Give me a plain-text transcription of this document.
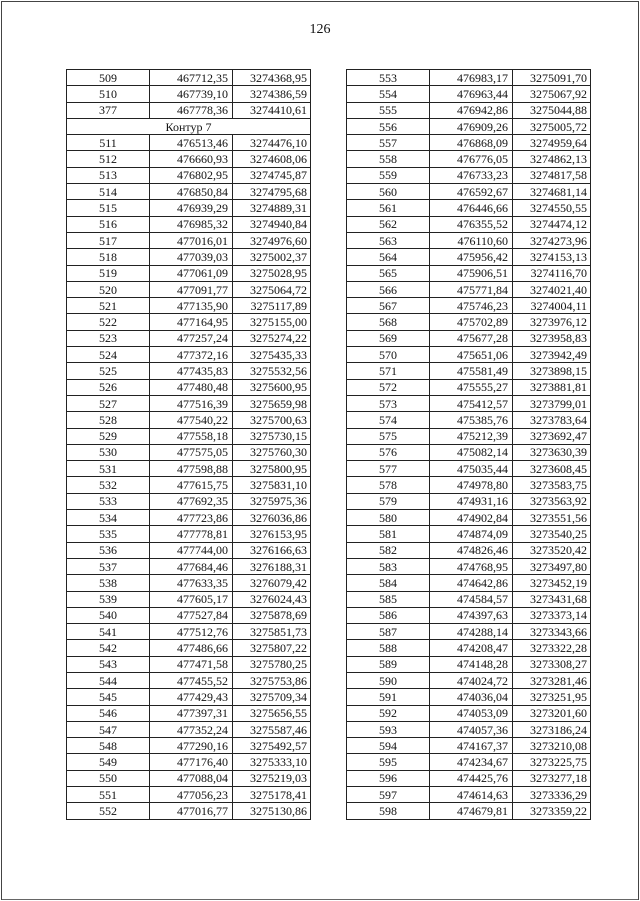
126
509	467712,35	3274368,95
510	467739,10	3274386,59
377	467778,36	3274410,61
Контур 7		
511	476513,46	3274476,10
512	476660,93	3274608,06
513	476802,95	3274745,87
514	476850,84	3274795,68
515	476939,29	3274889,31
516	476985,32	3274940,84
517	477016,01	3274976,60
518	477039,03	3275002,37
519	477061,09	3275028,95
520	477091,77	3275064,72
521	477135,90	3275117,89
522	477164,95	3275155,00
523	477257,24	3275274,22
524	477372,16	3275435,33
525	477435,83	3275532,56
526	477480,48	3275600,95
527	477516,39	3275659,98
528	477540,22	3275700,63
529	477558,18	3275730,15
530	477575,05	3275760,30
531	477598,88	3275800,95
532	477615,75	3275831,10
533	477692,35	3275975,36
534	477723,86	3276036,86
535	477778,81	3276153,95
536	477744,00	3276166,63
537	477684,46	3276188,31
538	477633,35	3276079,42
539	477605,17	3276024,43
540	477527,84	3275878,69
541	477512,76	3275851,73
542	477486,66	3275807,22
543	477471,58	3275780,25
544	477455,52	3275753,86
545	477429,43	3275709,34
546	477397,31	3275656,55
547	477352,24	3275587,46
548	477290,16	3275492,57
549	477176,40	3275333,10
550	477088,04	3275219,03
551	477056,23	3275178,41
552	477016,77	3275130,86
553	476983,17	3275091,70
554	476963,44	3275067,92
555	476942,86	3275044,88
556	476909,26	3275005,72
557	476868,09	3274959,64
558	476776,05	3274862,13
559	476733,23	3274817,58
560	476592,67	3274681,14
561	476446,66	3274550,55
562	476355,52	3274474,12
563	476110,60	3274273,96
564	475956,42	3274153,13
565	475906,51	3274116,70
566	475771,84	3274021,40
567	475746,23	3274004,11
568	475702,89	3273976,12
569	475677,28	3273958,83
570	475651,06	3273942,49
571	475581,49	3273898,15
572	475555,27	3273881,81
573	475412,57	3273799,01
574	475385,76	3273783,64
575	475212,39	3273692,47
576	475082,14	3273630,39
577	475035,44	3273608,45
578	474978,80	3273583,75
579	474931,16	3273563,92
580	474902,84	3273551,56
581	474874,09	3273540,25
582	474826,46	3273520,42
583	474768,95	3273497,80
584	474642,86	3273452,19
585	474584,57	3273431,68
586	474397,63	3273373,14
587	474288,14	3273343,66
588	474208,47	3273322,28
589	474148,28	3273308,27
590	474024,72	3273281,46
591	474036,04	3273251,95
592	474053,09	3273201,60
593	474057,36	3273186,24
594	474167,37	3273210,08
595	474234,67	3273225,75
596	474425,76	3273277,18
597	474614,63	3273336,29
598	474679,81	3273359,22
